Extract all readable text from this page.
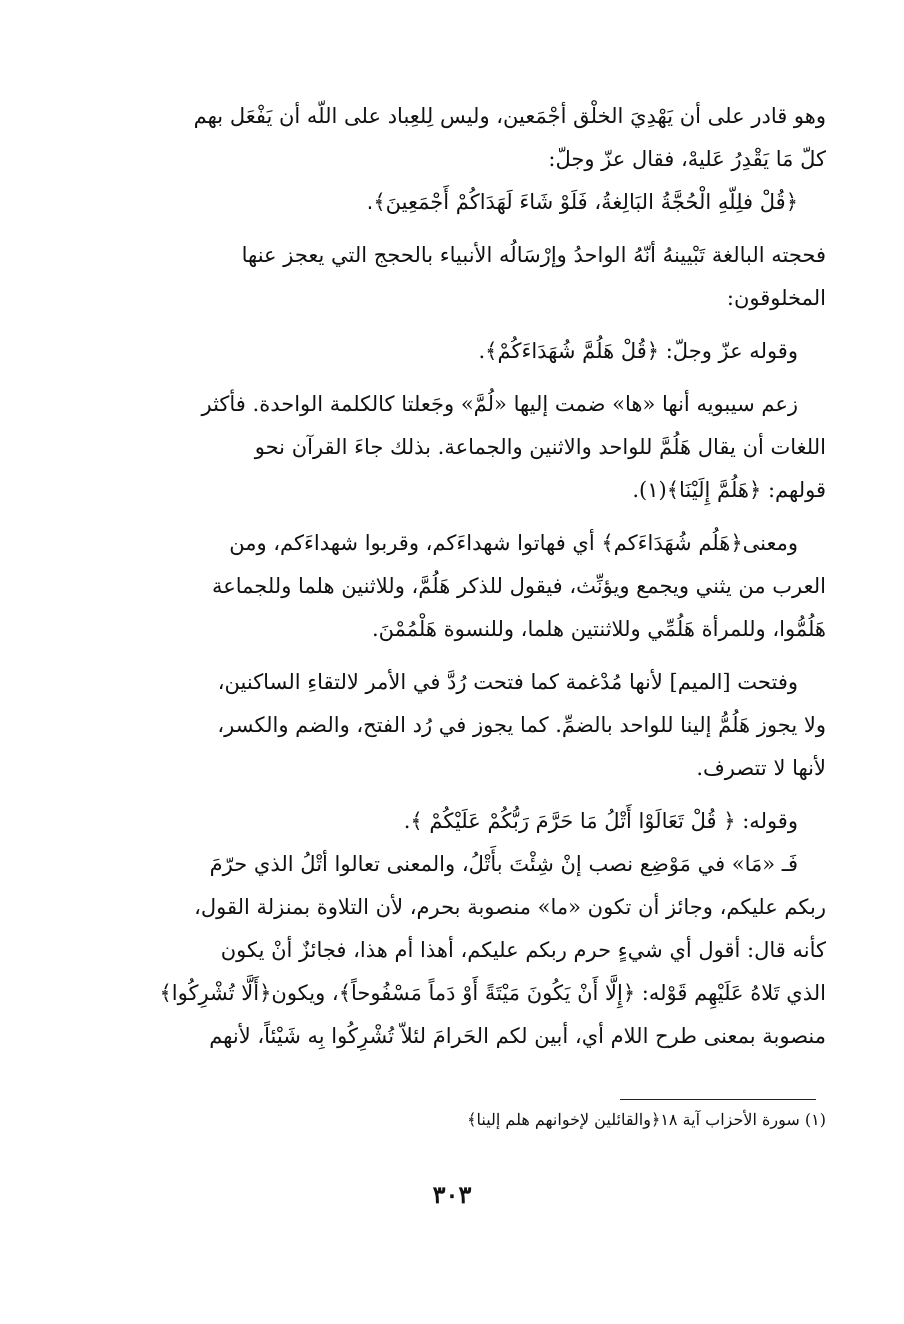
وهو قادر على أن يَهْدِيَ الخلْق أجْمَعين، وليس لِلعِباد على اللّه أن يَفْعَل بهم
كلّ مَا يَقْدِرُ عَليهْ، فقال عزّ وجلّ:
﴿قُلْ فلِلّهِ الْحُجَّةُ البَالِغةُ، فَلَوْ شَاءَ لَهَدَاكُمْ أَجْمَعِينَ﴾.
فحجته البالغة تَبْيينهُ أنّهُ الواحدُ وإرْسَالُه الأنبياء بالحجج التي يعجز عنها
المخلوقون:
وقوله عزّ وجلّ: ﴿قُلْ هَلُمَّ شُهَدَاءَكُمْ﴾.
زعم سيبويه أنها «ها» ضمت إليها «لُمَّ» وجَعلتا كالكلمة الواحدة. فأكثر
اللغات أن يقال هَلُمَّ للواحد والاثنين والجماعة. بذلك جاءَ القرآن نحو
قولهم: ﴿هَلُمَّ إِلَيْنَا﴾(١).
ومعنى﴿هَلُم شُهَدَاءَكم﴾ أي فهاتوا شهداءَكم، وقربوا شهداءَكم، ومن
العرب من يثني ويجمع ويؤنِّث، فيقول للذكر هَلُمَّ، وللاثنين هلما وللجماعة
هَلُمُّوا، وللمرأة هَلُمِّي وللاثنتين هلما، وللنسوة هَلْمُمْنَ.
وفتحت [الميم] لأنها مُدْغمة كما فتحت رُدَّ في الأمر لالتقاءِ الساكنين،
ولا يجوز هَلُمُّ إلينا للواحد بالضمِّ. كما يجوز في رُد الفتح، والضم والكسر،
لأنها لا تتصرف.
وقوله: ﴿ قُلْ تَعَالَوْا أَتْلُ مَا حَرَّمَ رَبُّكُمْ عَلَيْكُمْ ﴾.
فَـ «مَا» في مَوْضِع نصب إنْ شِئْتَ بأَتْلُ، والمعنى تعالوا أتْلُ الذي حرّمَ
ربكم عليكم، وجائز أن تكون «ما» منصوبة بحرم، لأن التلاوة بمنزلة القول،
كأنه قال: أقول أي شيءٍ حرم ربكم عليكم، أهذا أم هذا، فجائزٌ أنْ يكون
الذي تَلاهُ عَلَيْهِم قَوْله: ﴿إِلَّا أَنْ يَكُونَ مَيْتَةً أَوْ دَماً مَسْفُوحاً﴾، ويكون﴿أَلَّا تُشْرِكُوا﴾
منصوبة بمعنى طرح اللام أي، أبين لكم الحَرامَ لئلاّ تُشْرِكُوا بِه شَيْئاً، لأنهم
(١) سورة الأحزاب آية ١٨﴿والقائلين لإخوانهم هلم إلينا﴾
٣٠٣
